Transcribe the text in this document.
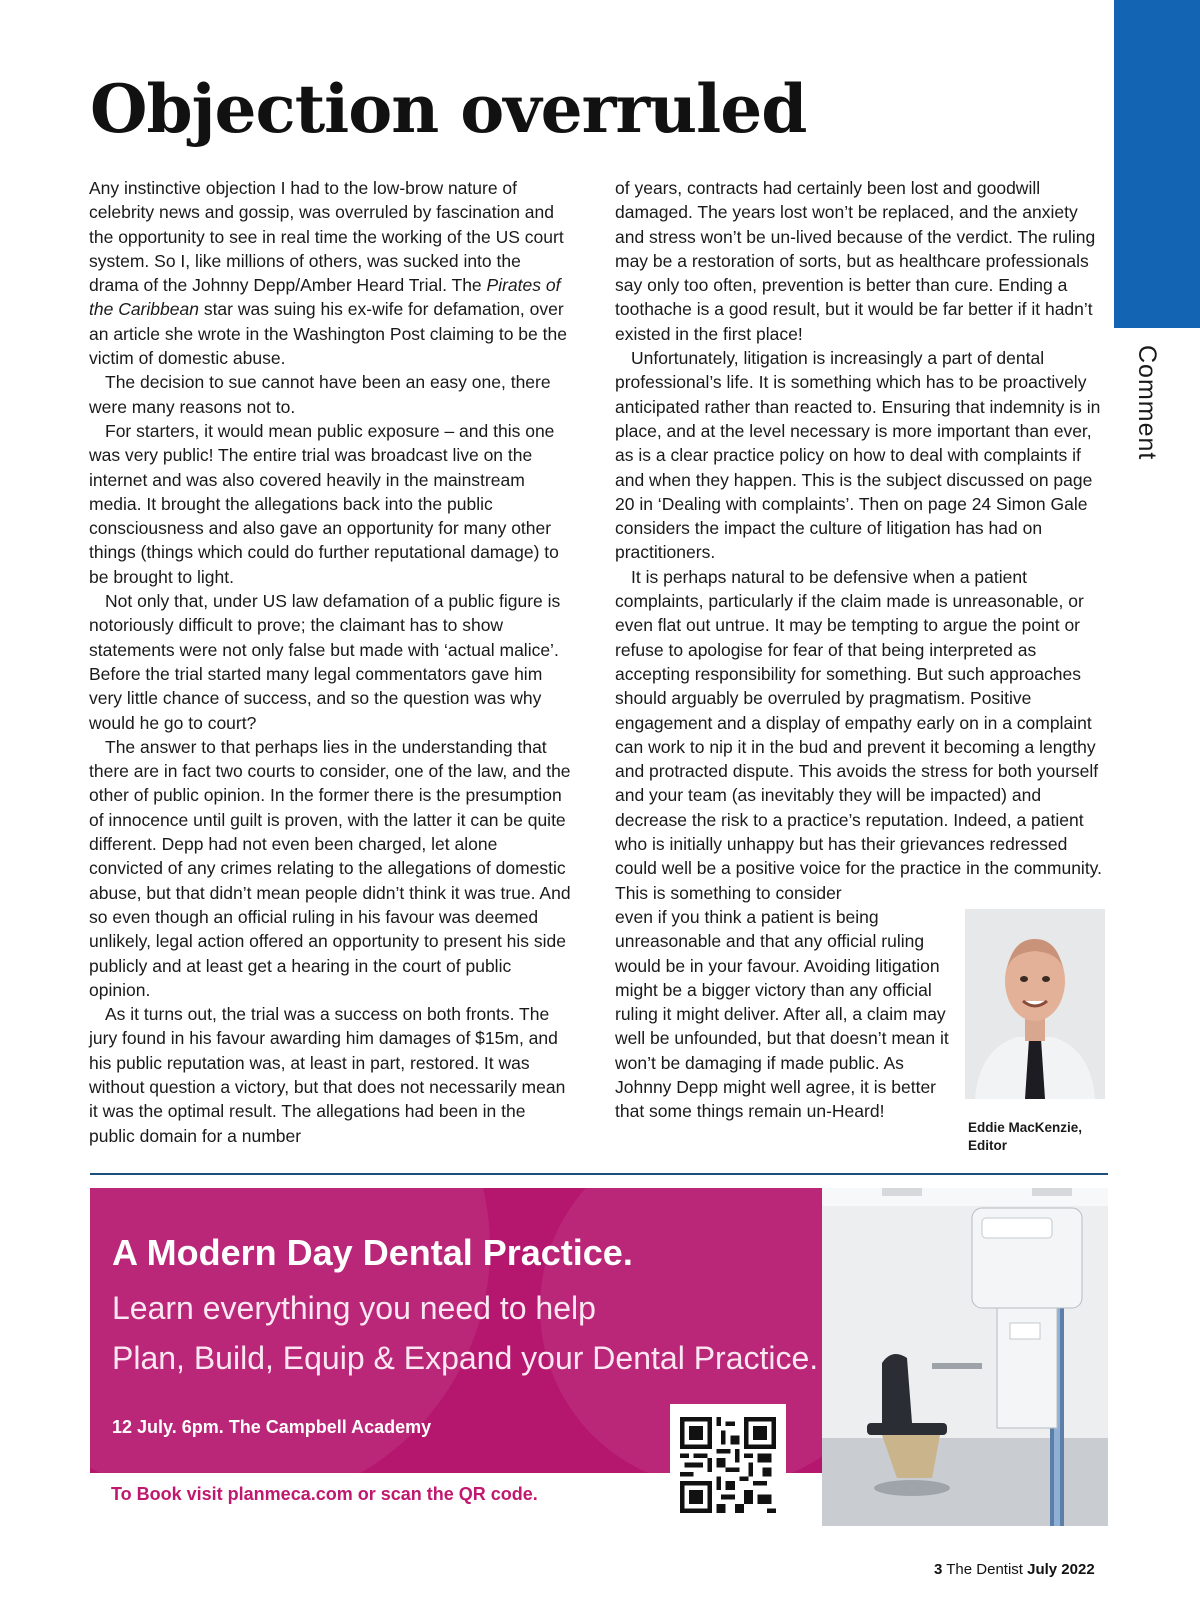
Comment
Objection overruled

Any instinctive objection I had to the low-brow nature of celebrity news and gossip, was overruled by fascination and the opportunity to see in real time the working of the US court system. So I, like millions of others, was sucked into the drama of the Johnny Depp/Amber Heard Trial. The Pirates of the Caribbean star was suing his ex-wife for defamation, over an article she wrote in the Washington Post claiming to be the victim of domestic abuse.

The decision to sue cannot have been an easy one, there were many reasons not to.

For starters, it would mean public exposure – and this one was very public! The entire trial was broadcast live on the internet and was also covered heavily in the mainstream media. It brought the allegations back into the public consciousness and also gave an opportunity for many other things (things which could do further reputational damage) to be brought to light.

Not only that, under US law defamation of a public figure is notoriously difficult to prove; the claimant has to show statements were not only false but made with ‘actual malice’. Before the trial started many legal commentators gave him very little chance of success, and so the question was why would he go to court?

The answer to that perhaps lies in the understanding that there are in fact two courts to consider, one of the law, and the other of public opinion. In the former there is the presumption of innocence until guilt is proven, with the latter it can be quite different. Depp had not even been charged, let alone convicted of any crimes relating to the allegations of domestic abuse, but that didn’t mean people didn’t think it was true. And so even though an official ruling in his favour was deemed unlikely, legal action offered an opportunity to present his side publicly and at least get a hearing in the court of public opinion.

As it turns out, the trial was a success on both fronts. The jury found in his favour awarding him damages of $15m, and his public reputation was, at least in part, restored. It was without question a victory, but that does not necessarily mean it was the optimal result. The allegations had been in the public domain for a number

of years, contracts had certainly been lost and goodwill damaged. The years lost won’t be replaced, and the anxiety and stress won’t be un-lived because of the verdict. The ruling may be a restoration of sorts, but as healthcare professionals say only too often, prevention is better than cure. Ending a toothache is a good result, but it would be far better if it hadn’t existed in the first place!

Unfortunately, litigation is increasingly a part of dental professional’s life. It is something which has to be proactively anticipated rather than reacted to. Ensuring that indemnity is in place, and at the level necessary is more important than ever, as is a clear practice policy on how to deal with complaints if and when they happen. This is the subject discussed on page 20 in ‘Dealing with complaints’. Then on page 24 Simon Gale considers the impact the culture of litigation has had on practitioners.

It is perhaps natural to be defensive when a patient complaints, particularly if the claim made is unreasonable, or even flat out untrue. It may be tempting to argue the point or refuse to apologise for fear of that being interpreted as accepting responsibility for something. But such approaches should arguably be overruled by pragmatism. Positive engagement and a display of empathy early on in a complaint can work to nip it in the bud and prevent it becoming a lengthy and protracted dispute. This avoids the stress for both yourself and your team (as inevitably they will be impacted) and decrease the risk to a practice’s reputation. Indeed, a patient who is initially unhappy but has their grievances redressed could well be a positive voice for the practice in the community. This is something to consider

even if you think a patient is being unreasonable and that any official ruling would be in your favour. Avoiding litigation might be a bigger victory than any official ruling it might deliver. After all, a claim may well be unfounded, but that doesn’t mean it won’t be damaging if made public. As Johnny Depp might well agree, it is better that some things remain un-Heard!

Eddie MacKenzie,
Editor
A Modern Day Dental Practice.
Learn everything you need to help
Plan, Build, Equip & Expand your Dental Practice.
12 July. 6pm. The Campbell Academy
To Book visit planmeca.com or scan the QR code.
3 The Dentist July 2022
